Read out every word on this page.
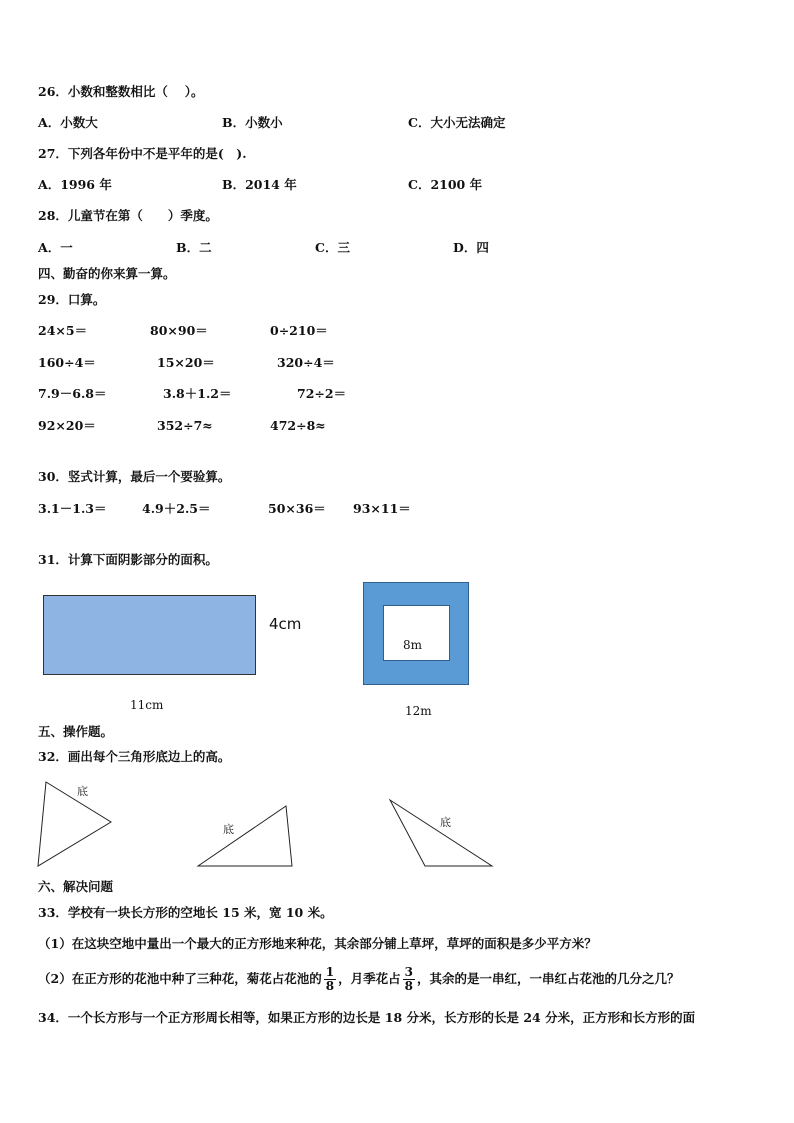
26．小数和整数相比（　 ）。
A．小数大	B．小数小	C．大小无法确定
27．下列各年份中不是平年的是(　).
A．1996 年	B．2014 年	C．2100 年
28．儿童节在第（　　）季度。
A．一	B．二	C．三	D．四
四、勤奋的你来算一算。
29．口算。
24×5＝	80×90＝	0÷210＝
160÷4＝	15×20＝	320÷4＝
7.9－6.8＝	3.8＋1.2＝	72÷2＝
92×20＝	352÷7≈	472÷8≈
30．竖式计算，最后一个要验算。
3.1－1.3＝	4.9＋2.5＝	50×36＝ 93×11＝
31．计算下面阴影部分的面积。
4cm
11cm
8m
12m
五、操作题。
32．画出每个三角形底边上的高。
底
底
底
六、解决问题
33．学校有一块长方形的空地长 15 米，宽 10 米。
（1）在这块空地中量出一个最大的正方形地来种花，其余部分铺上草坪，草坪的面积是多少平方米？
（2）在正方形的花池中种了三种花，菊花占花池的 $\frac{1}{8}$ ，月季花占 $\frac{3}{8}$ ，其余的是一串红，一串红占花池的几分之几？
34．一个长方形与一个正方形周长相等，如果正方形的边长是 18 分米，长方形的长是 24 分米，正方形和长方形的面
